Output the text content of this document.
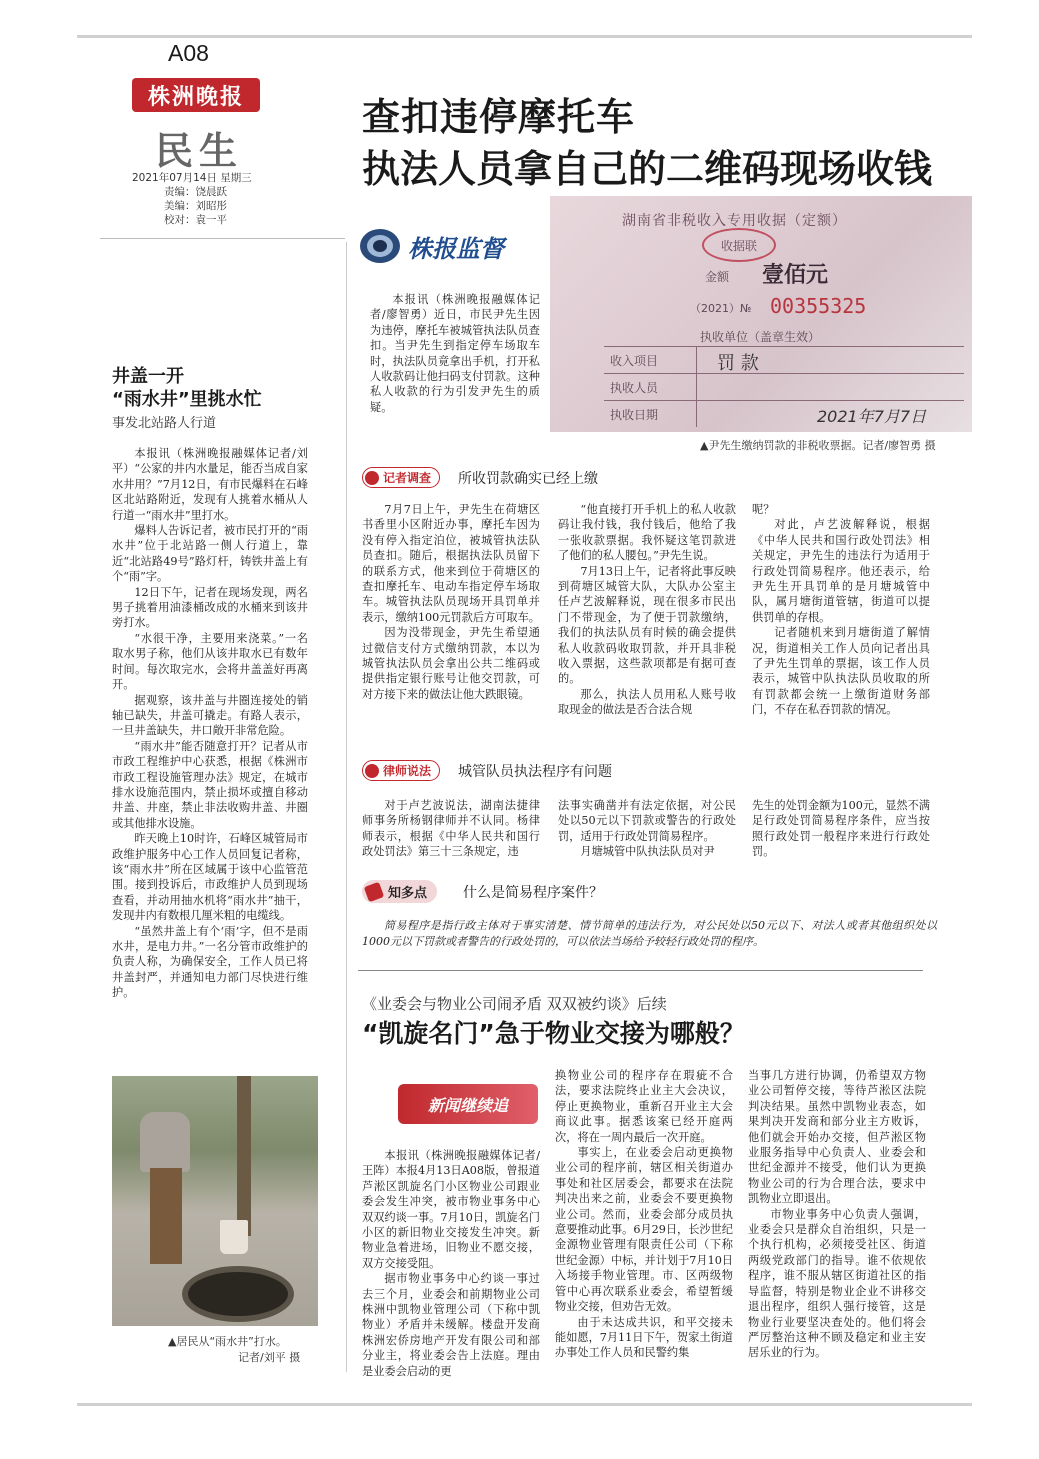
A08
株洲晚报
民生
2021年07月14日 星期三
责编：饶晨跃
美编：刘昭彤
校对：袁一平
查扣违停摩托车
执法人员拿自己的二维码现场收钱
株报监督

本报讯（株洲晚报融媒体记者/廖智勇）近日，市民尹先生因为违停，摩托车被城管执法队员查扣。当尹先生到指定停车场取车时，执法队员竟拿出手机，打开私人收款码让他扫码支付罚款。这种私人收款的行为引发尹先生的质疑。

湖南省非税收入专用收据（定额）
收据联
金额 壹佰元
（2021）№ 00355325
执收单位（盖章生效）
收入项目	罚 款
执收人员
执收日期	2021年7月7日
▲尹先生缴纳罚款的非税收票据。记者/廖智勇 摄
记者调查 所收罚款确实已经上缴

7月7日上午，尹先生在荷塘区书香里小区附近办事，摩托车因为没有停入指定泊位，被城管执法队员查扣。随后，根据执法队员留下的联系方式，他来到位于荷塘区的查扣摩托车、电动车指定停车场取车。城管执法队员现场开具罚单并表示，缴纳100元罚款后方可取车。

因为没带现金，尹先生希望通过微信支付方式缴纳罚款，本以为城管执法队员会拿出公共二维码或提供指定银行账号让他交罚款，可对方接下来的做法让他大跌眼镜。

“他直接打开手机上的私人收款码让我付钱，我付钱后，他给了我一张收款票据。我怀疑这笔罚款进了他们的私人腰包。”尹先生说。

7月13日上午，记者将此事反映到荷塘区城管大队，大队办公室主任卢艺波解释说，现在很多市民出门不带现金，为了便于罚款缴纳，我们的执法队员有时候的确会提供私人收款码收取罚款，并开具非税收入票据，这些款项都是有据可查的。

那么，执法人员用私人账号收取现金的做法是否合法合规

呢？

对此，卢艺波解释说，根据《中华人民共和国行政处罚法》相关规定，尹先生的违法行为适用于行政处罚简易程序。他还表示，给尹先生开具罚单的是月塘城管中队，属月塘街道管辖，街道可以提供罚单的存根。

记者随机来到月塘街道了解情况，街道相关工作人员向记者出具了尹先生罚单的票据，该工作人员表示，城管中队执法队员收取的所有罚款都会统一上缴街道财务部门，不存在私吞罚款的情况。

律师说法 城管队员执法程序有问题

对于卢艺波说法，湖南法捷律师事务所杨钢律师并不认同。杨律师表示，根据《中华人民共和国行政处罚法》第三十三条规定，违

法事实确凿并有法定依据，对公民处以50元以下罚款或警告的行政处罚，适用于行政处罚简易程序。

月塘城管中队执法队员对尹

先生的处罚金额为100元，显然不满足行政处罚简易程序条件，应当按照行政处罚一般程序来进行行政处罚。

知多点	什么是简易程序案件？

简易程序是指行政主体对于事实清楚、情节简单的违法行为，对公民处以50元以下、对法人或者其他组织处以1000元以下罚款或者警告的行政处罚的，可以依法当场给予较轻行政处罚的程序。

井盖一开
“雨水井”里挑水忙
事发北站路人行道

本报讯（株洲晚报融媒体记者/刘平）“公家的井内水量足，能否当成自家水井用？”7月12日，有市民爆料在石峰区北站路附近，发现有人挑着水桶从人行道一“雨水井”里打水。

爆料人告诉记者，被市民打开的“雨水井”位于北站路一侧人行道上，靠近“北站路49号”路灯杆，铸铁井盖上有个“雨”字。

12日下午，记者在现场发现，两名男子挑着用油漆桶改成的水桶来到该井旁打水。

“水很干净，主要用来浇菜。”一名取水男子称，他们从该井取水已有数年时间。每次取完水，会将井盖盖好再离开。

据观察，该井盖与井圈连接处的销轴已缺失，井盖可撬走。有路人表示，一旦井盖缺失，井口敞开非常危险。

“雨水井”能否随意打开？记者从市市政工程维护中心获悉，根据《株洲市市政工程设施管理办法》规定，在城市排水设施范围内，禁止损坏或擅自移动井盖、井座，禁止非法收购井盖、井圈或其他排水设施。

昨天晚上10时许，石峰区城管局市政维护服务中心工作人员回复记者称，该“雨水井”所在区域属于该中心监管范围。接到投诉后，市政维护人员到现场查看，并动用抽水机将“雨水井”抽干，发现井内有数根几厘米粗的电缆线。

“虽然井盖上有个‘雨’字，但不是雨水井，是电力井。”一名分管市政维护的负责人称，为确保安全，工作人员已将井盖封严，并通知电力部门尽快进行维护。

▲居民从“雨水井”打水。
记者/刘平 摄
《业委会与物业公司闹矛盾 双双被约谈》后续
“凯旋名门”急于物业交接为哪般？
新闻继续追

本报讯（株洲晚报融媒体记者/王阵）本报4月13日A08版，曾报道芦淞区凯旋名门小区物业公司跟业委会发生冲突，被市物业事务中心双双约谈一事。7月10日，凯旋名门小区的新旧物业交接发生冲突。新物业急着进场，旧物业不愿交接，双方交接受阻。

据市物业事务中心约谈一事过去三个月，业委会和前期物业公司株洲中凯物业管理公司（下称中凯物业）矛盾并未缓解。楼盘开发商株洲宏侨房地产开发有限公司和部分业主，将业委会告上法庭。理由是业委会启动的更

换物业公司的程序存在瑕疵不合法，要求法院终止业主大会决议，停止更换物业，重新召开业主大会商议此事。据悉该案已经开庭两次，将在一周内最后一次开庭。

事实上，在业委会启动更换物业公司的程序前，辖区相关街道办事处和社区居委会，都要求在法院判决出来之前，业委会不要更换物业公司。然而，业委会部分成员执意要推动此事。6月29日，长沙世纪金源物业管理有限责任公司（下称世纪金源）中标，并计划于7月10日入场接手物业管理。市、区两级物管中心再次联系业委会，希望暂缓物业交接，但劝告无效。

由于未达成共识，和平交接未能如愿，7月11日下午，贺家土街道办事处工作人员和民警约集

当事几方进行协调，仍希望双方物业公司暂停交接，等待芦淞区法院判决结果。虽然中凯物业表态，如果判决开发商和部分业主方败诉，他们就会开始办交接，但芦淞区物业服务指导中心负责人、业委会和世纪金源并不接受，他们认为更换物业公司的行为合理合法，要求中凯物业立即退出。

市物业事务中心负责人强调，业委会只是群众自治组织，只是一个执行机构，必须接受社区、街道两级党政部门的指导。谁不依规依程序，谁不服从辖区街道社区的指导监督，特别是物业企业不讲移交退出程序，组织人强行接管，这是物业行业要坚决查处的。他们将会严厉整治这种不顾及稳定和业主安居乐业的行为。
